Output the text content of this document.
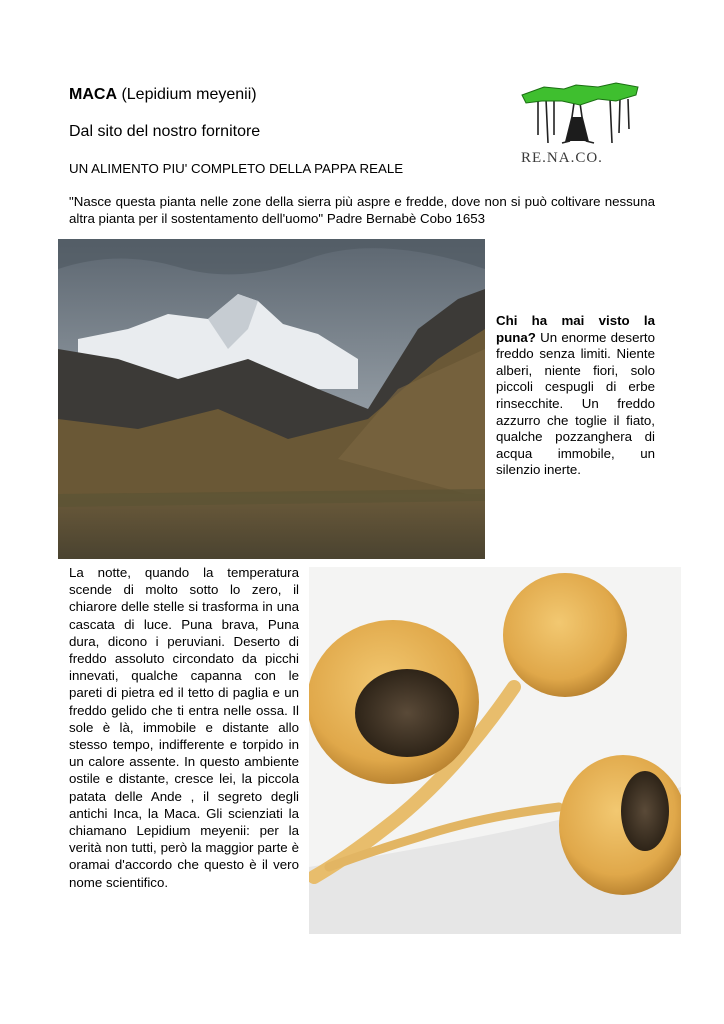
MACA (Lepidium meyenii)
Dal sito del nostro fornitore
UN ALIMENTO PIU' COMPLETO DELLA PAPPA REALE
"Nasce questa pianta nelle zone della sierra più aspre e fredde, dove non si può coltivare nessuna altra pianta per il sostentamento dell'uomo" Padre Bernabè Cobo 1653
RE.NA.CO.
Chi ha mai visto la puna? Un enorme deserto freddo senza limiti. Niente alberi, niente fiori, solo piccoli cespugli di erbe rinsecchite. Un freddo azzurro che toglie il fiato, qualche pozzanghera di acqua immobile, un silenzio inerte.
La notte, quando la temperatura scende di molto sotto lo zero, il chiarore delle stelle si trasforma in una cascata di luce. Puna brava, Puna dura, dicono i peruviani. Deserto di freddo assoluto circondato da picchi innevati, qualche capanna con le pareti di pietra ed il tetto di paglia e un freddo gelido che ti entra nelle ossa. Il sole è là, immobile e distante allo stesso tempo, indifferente e torpido in un calore assente. In questo ambiente ostile e distante, cresce lei, la piccola patata delle Ande , il segreto degli antichi Inca, la Maca. Gli scienziati la chiamano Lepidium meyenii: per la verità non tutti, però la maggior parte è oramai d'accordo che questo è il vero nome scientifico.
